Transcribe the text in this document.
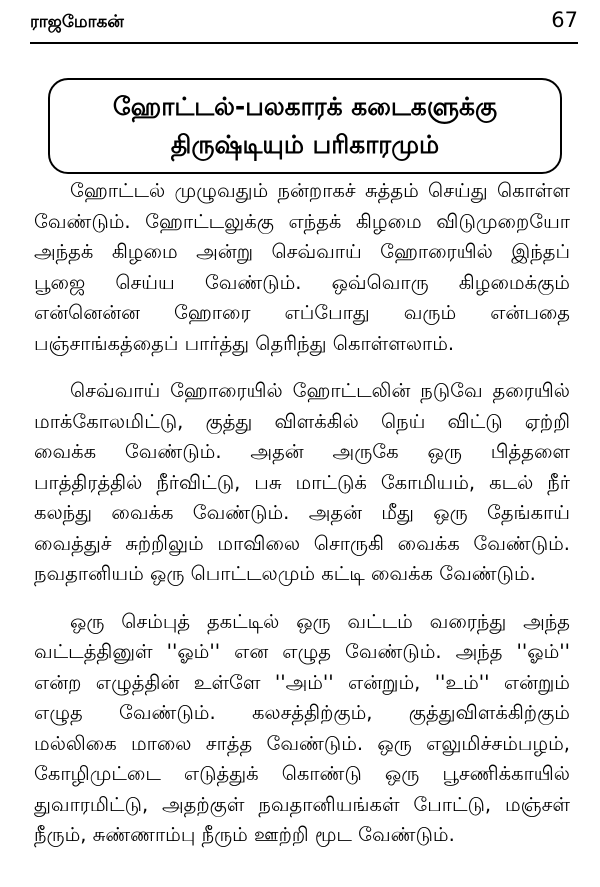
ராஜமோகன்	67
ஹோட்டல்-பலகாரக் கடைகளுக்கு
திருஷ்டியும் பரிகாரமும்

ஹோட்டல் முழுவதும் நன்றாகச் சுத்தம் செய்து கொள்ள
வேண்டும். ஹோட்டலுக்கு எந்தக் கிழமை விடுமுறையோ
அந்தக் கிழமை அன்று செவ்வாய் ஹோரையில் இந்தப்
பூஜை செய்ய வேண்டும். ஒவ்வொரு கிழமைக்கும்
என்னென்ன ஹோரை எப்போது வரும் என்பதை
பஞ்சாங்கத்தைப் பார்த்து தெரிந்து கொள்ளலாம்.

செவ்வாய் ஹோரையில் ஹோட்டலின் நடுவே தரையில்
மாக்கோலமிட்டு, குத்து விளக்கில் நெய் விட்டு ஏற்றி
வைக்க வேண்டும். அதன் அருகே ஒரு பித்தளை
பாத்திரத்தில் நீர்விட்டு, பசு மாட்டுக் கோமியம், கடல் நீர்
கலந்து வைக்க வேண்டும். அதன் மீது ஒரு தேங்காய்
வைத்துச் சுற்றிலும் மாவிலை சொருகி வைக்க வேண்டும்.
நவதானியம் ஒரு பொட்டலமும் கட்டி வைக்க வேண்டும்.

ஒரு செம்புத் தகட்டில் ஒரு வட்டம் வரைந்து அந்த
வட்டத்தினுள் ''ஓம்'' என எழுத வேண்டும். அந்த ''ஓம்''
என்ற எழுத்தின் உள்ளே ''அம்'' என்றும், ''உம்'' என்றும்
எழுத வேண்டும். கலசத்திற்கும், குத்துவிளக்கிற்கும்
மல்லிகை மாலை சாத்த வேண்டும். ஒரு எலுமிச்சம்பழம்,
கோழிமுட்டை எடுத்துக் கொண்டு ஒரு பூசணிக்காயில்
துவாரமிட்டு, அதற்குள் நவதானியங்கள் போட்டு, மஞ்சள்
நீரும், சுண்ணாம்பு நீரும் ஊற்றி மூட வேண்டும்.
